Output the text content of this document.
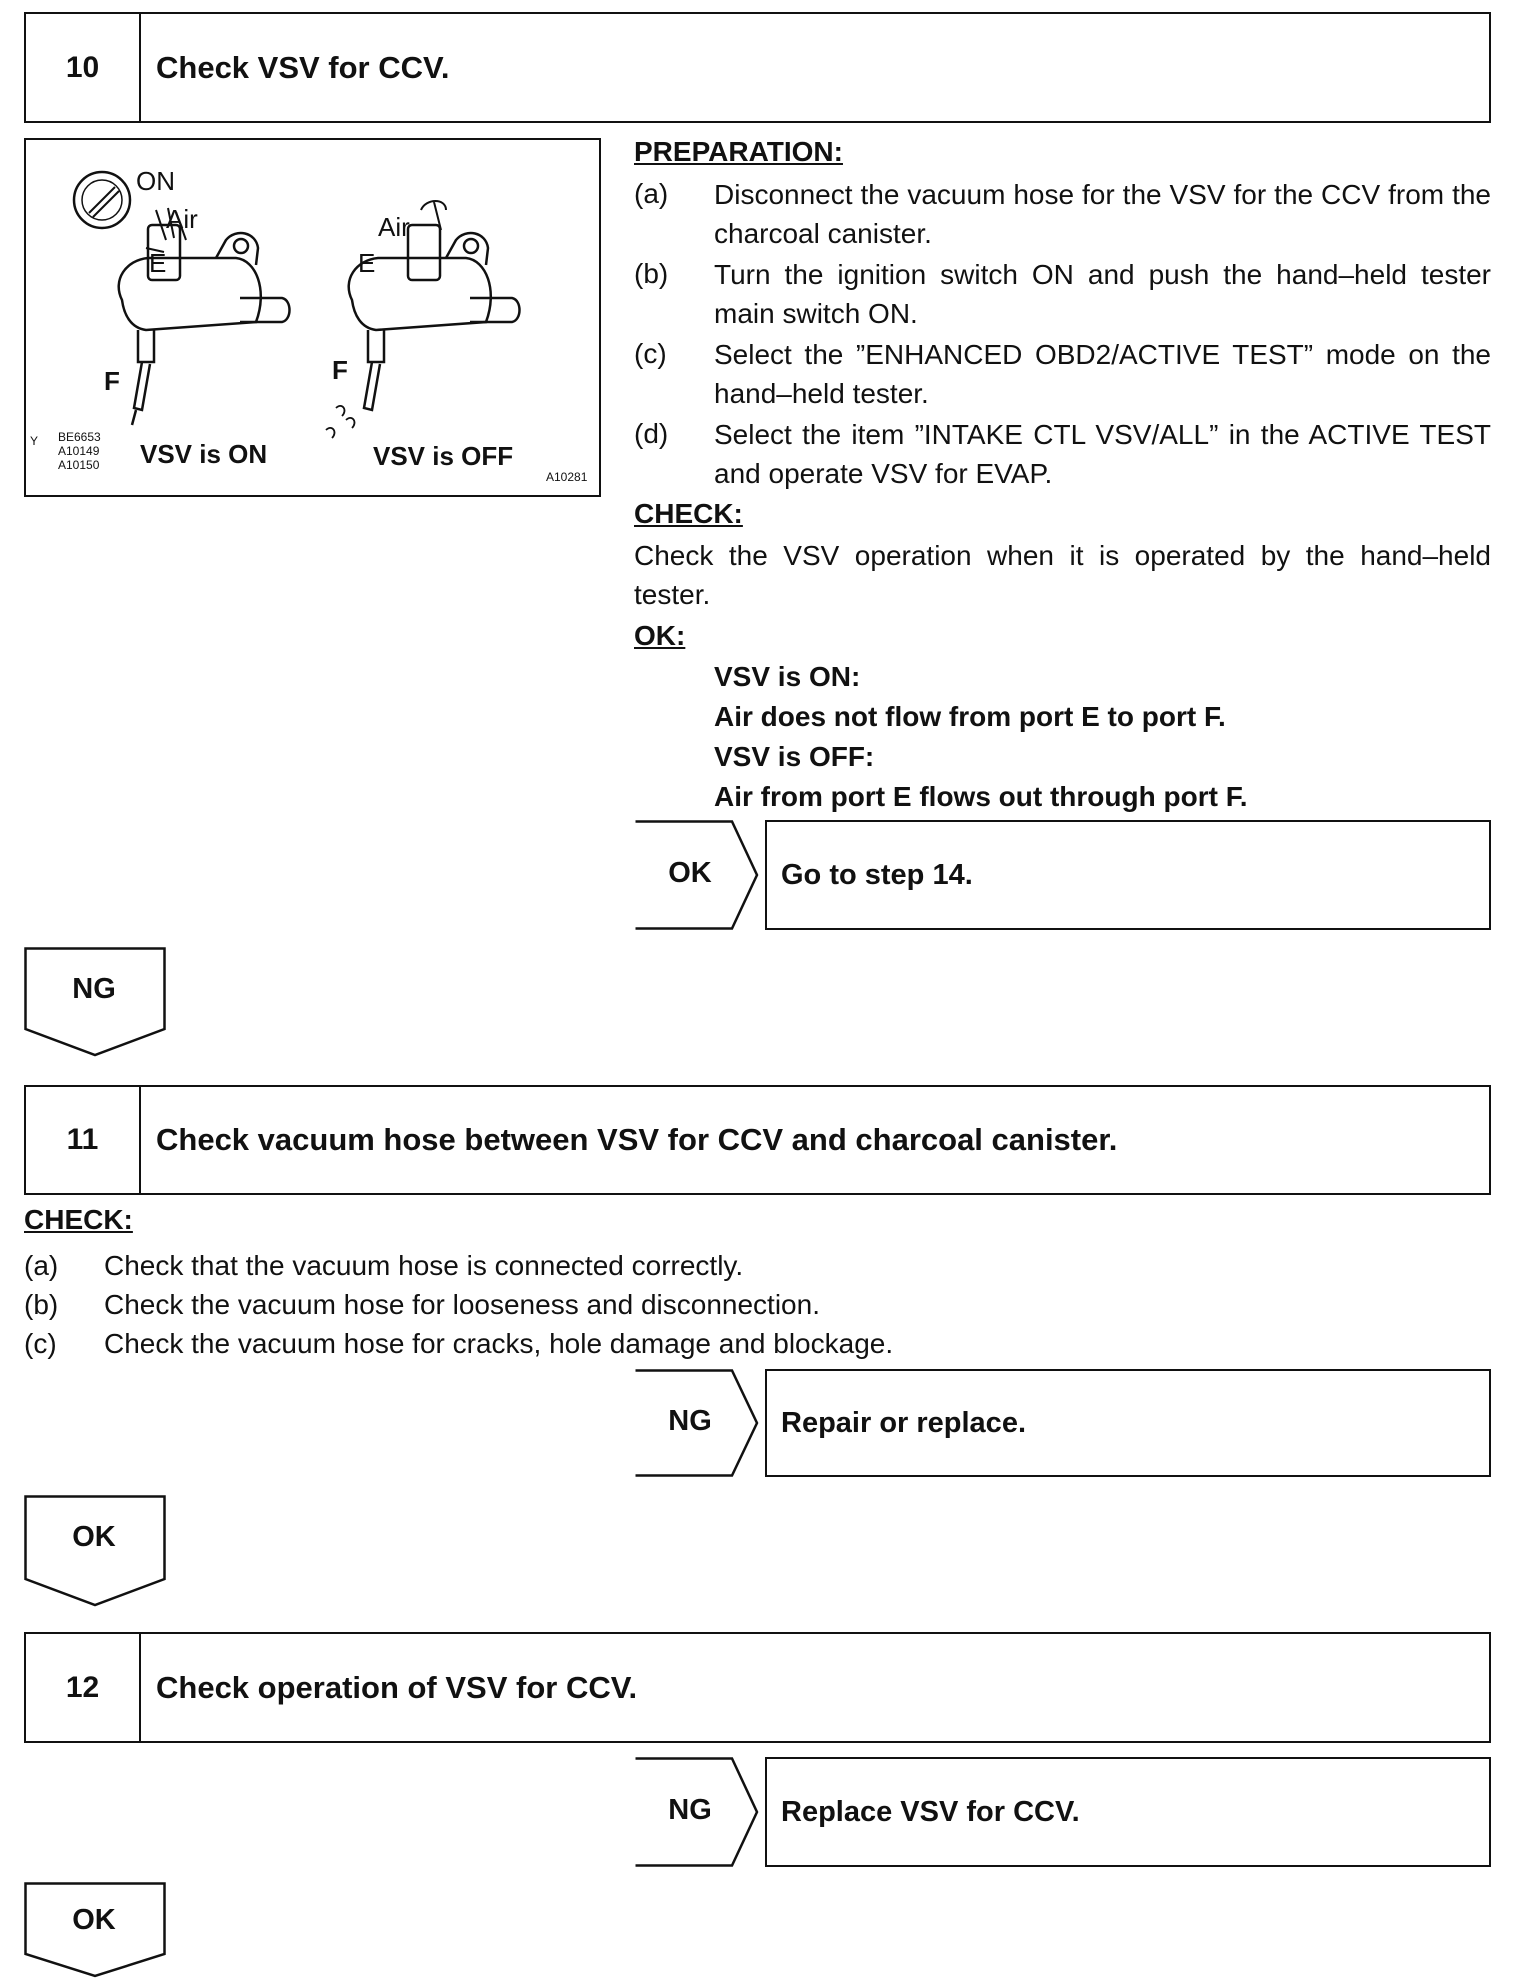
10	Check VSV for CCV.
ON
Air	Air
E	E
F	F
VSV is ON	VSV is OFF
Y BE6653
A10149
A10150
A10281
PREPARATION:
(a) Disconnect the vacuum hose for the VSV for the CCV from the charcoal canister.
(b) Turn the ignition switch ON and push the hand–held tester main switch ON.
(c) Select the ”ENHANCED OBD2/ACTIVE TEST” mode on the hand–held tester.
(d) Select the item ”INTAKE CTL VSV/ALL” in the ACTIVE TEST and operate VSV for EVAP.
CHECK:
Check the VSV operation when it is operated by the hand–held tester.
OK:
VSV is ON:
Air does not flow from port E to port F.
VSV is OFF:
Air from port E flows out through port F.
OK	Go to step 14.
NG
11	Check vacuum hose between VSV for CCV and charcoal canister.
CHECK:
(a) Check that the vacuum hose is connected correctly.
(b) Check the vacuum hose for looseness and disconnection.
(c) Check the vacuum hose for cracks, hole damage and blockage.
NG	Repair or replace.
OK
12	Check operation of VSV for CCV.
NG	Replace VSV for CCV.
OK
